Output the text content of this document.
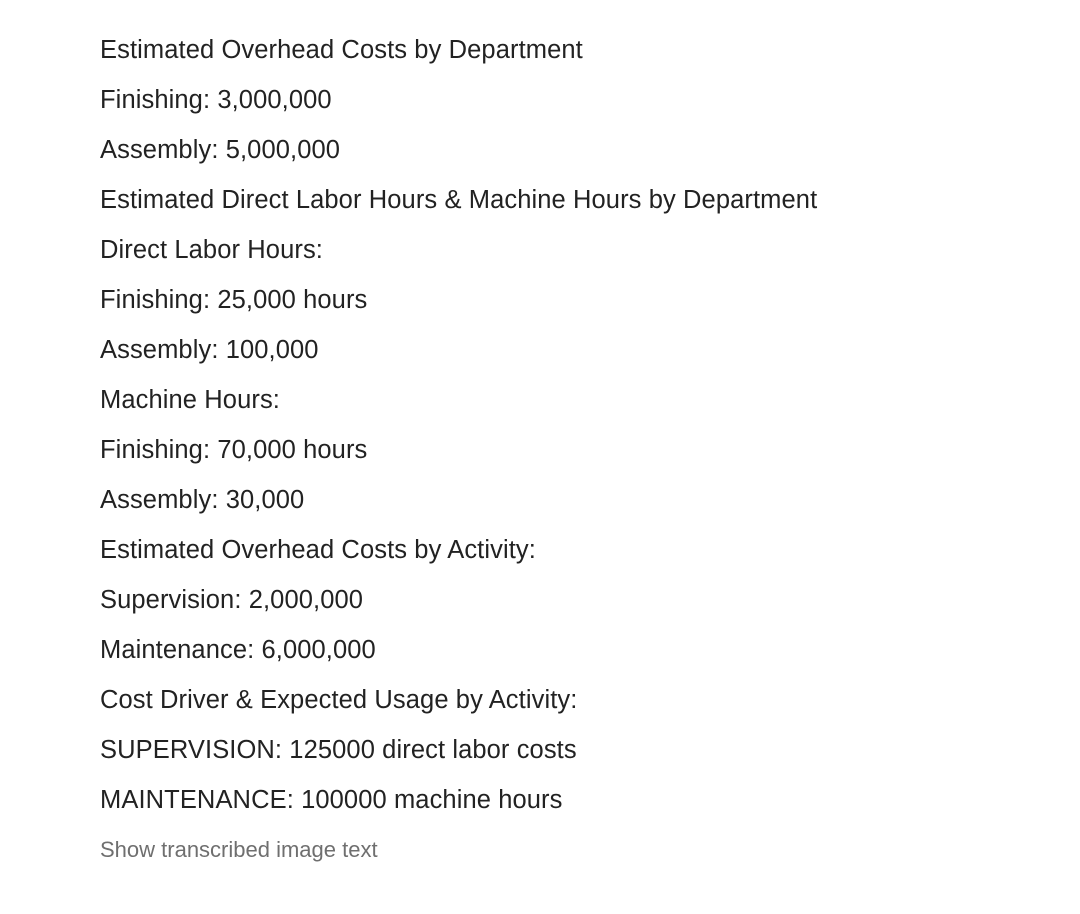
Estimated Overhead Costs by Department
Finishing: 3,000,000
Assembly: 5,000,000
Estimated Direct Labor Hours & Machine Hours by Department
Direct Labor Hours:
Finishing: 25,000 hours
Assembly: 100,000
Machine Hours:
Finishing: 70,000 hours
Assembly: 30,000
Estimated Overhead Costs by Activity:
Supervision: 2,000,000
Maintenance: 6,000,000
Cost Driver & Expected Usage by Activity:
SUPERVISION: 125000 direct labor costs
MAINTENANCE: 100000 machine hours
Show transcribed image text
